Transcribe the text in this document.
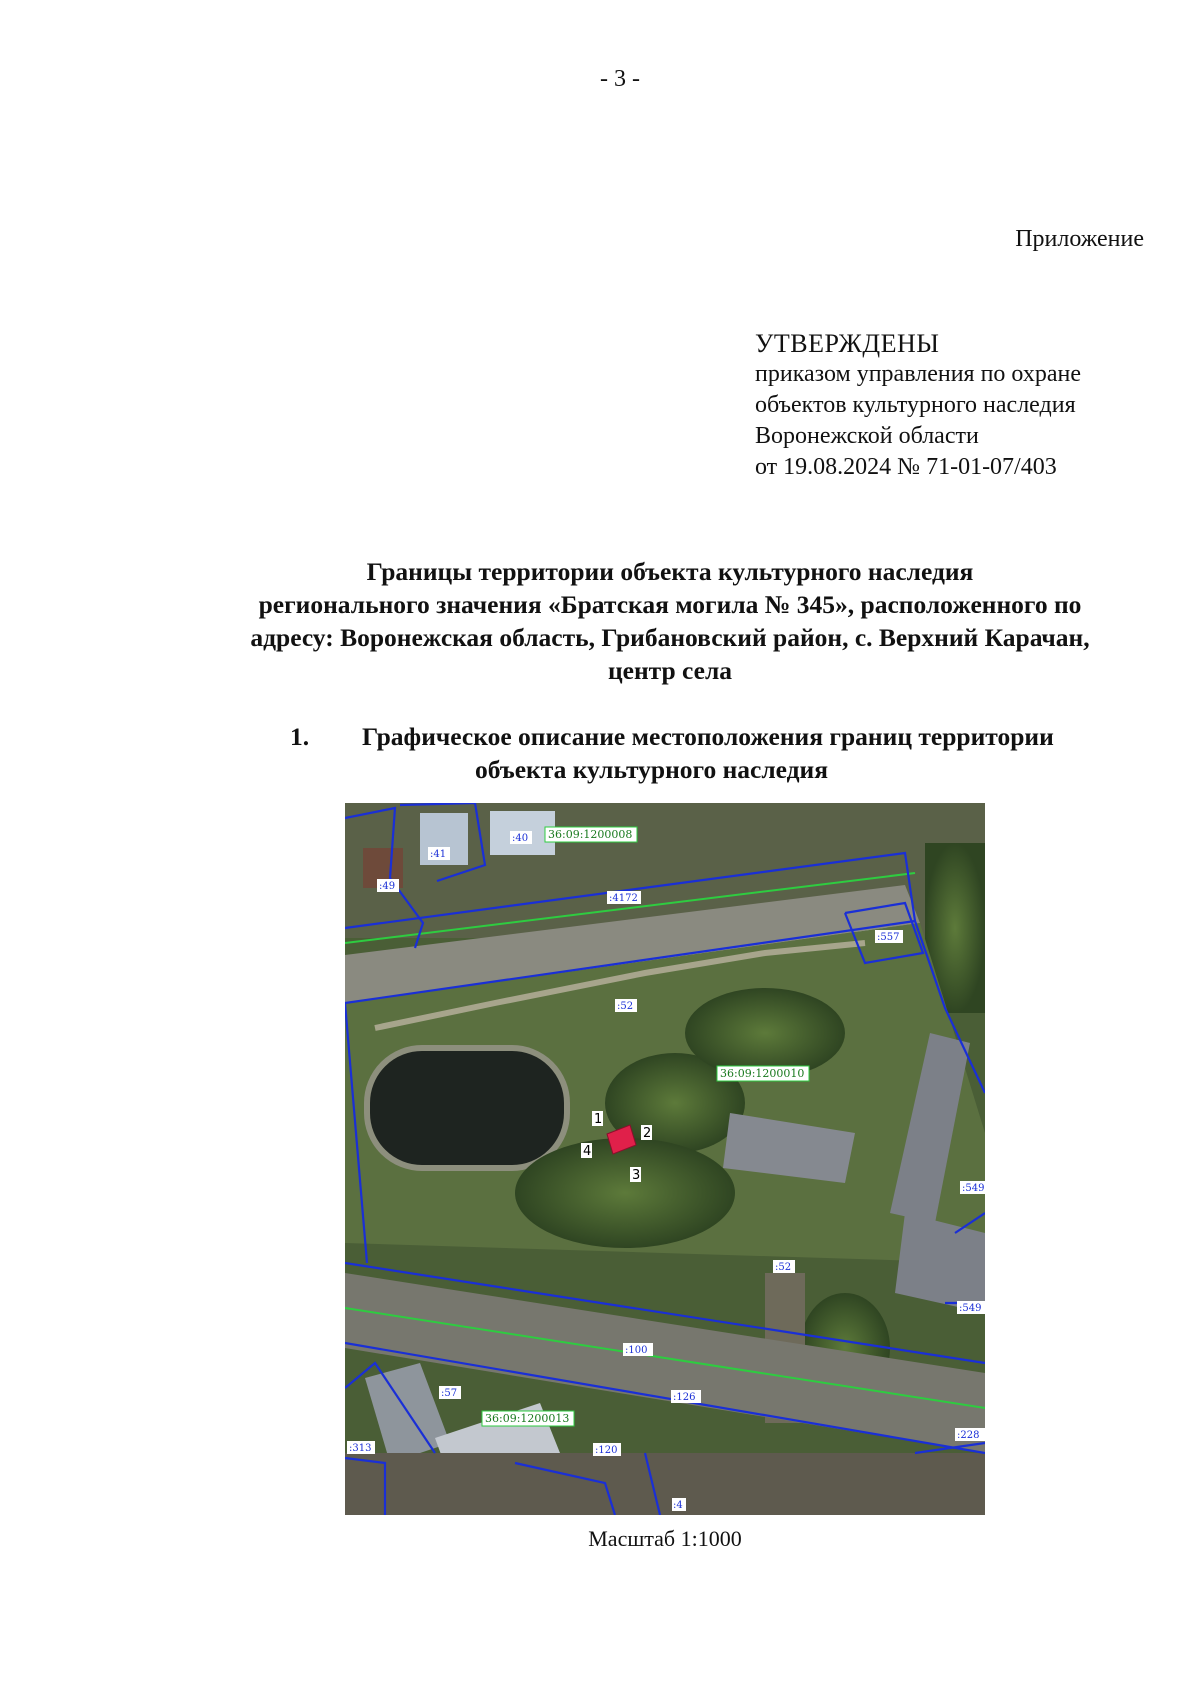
- 3 -
Приложение
УТВЕРЖДЕНЫ
приказом управления по охране
объектов культурного наследия
Воронежской области
от 19.08.2024 № 71-01-07/403
Границы территории объекта культурного наследия
регионального значения «Братская могила № 345», расположенного по
адресу: Воронежская область, Грибановский район, с. Верхний Карачан,
центр села
1. Графическое описание местоположения границ территории
объекта культурного наследия
1
2
3
4
36:09:1200008
36:09:1200010
36:09:1200013
:41
:40
:49
:4172
:557
:52
:549
:52
:549
:100
:57	:126
:228
:313	:120
:4
Масштаб 1:1000
